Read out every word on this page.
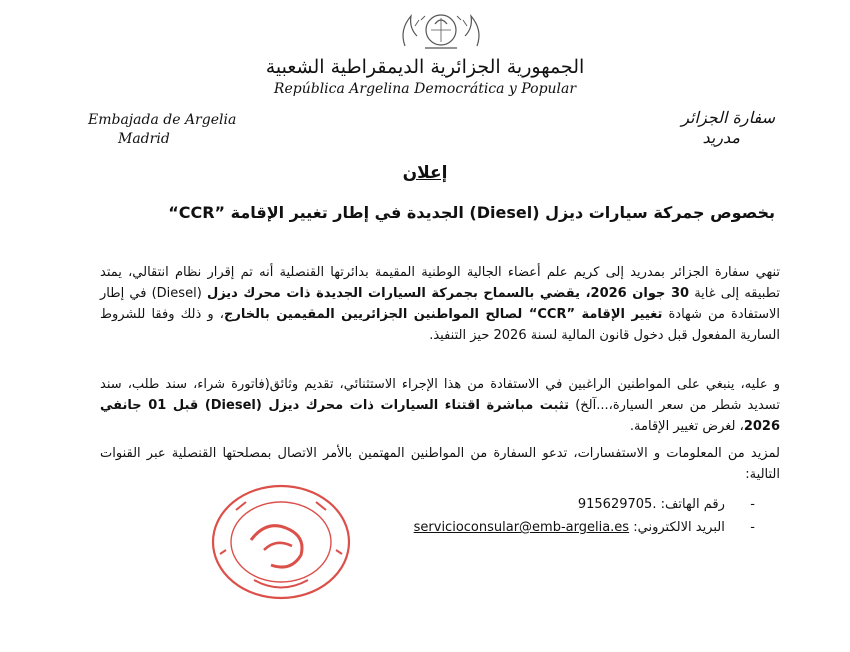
الجمهورية الجزائرية الديمقراطية الشعبية
República Argelina Democrática y Popular
Embajada de Argelia
Madrid
سفارة الجزائر
مدريد
إعلان
بخصوص جمركة سيارات ديزل (Diesel) الجديدة في إطار تغيير الإقامة ”CCR“
تنهي سفارة الجزائر بمدريد إلى كريم علم أعضاء الجالية الوطنية المقيمة بدائرتها القنصلية أنه تم إقرار نظام انتقالي، يمتد تطبيقه إلى غاية 30 جوان 2026، يقضي بالسماح بجمركة السيارات الجديدة ذات محرك ديزل (Diesel) في إطار الاستفادة من شهادة تغيير الإقامة ”CCR“ لصالح المواطنين الجزائريين المقيمين بالخارج، و ذلك وفقا للشروط السارية المفعول قبل دخول قانون المالية لسنة 2026 حيز التنفيذ.
و عليه، ينبغي على المواطنين الراغبين في الاستفادة من هذا الإجراء الاستثنائي، تقديم وثائق(فاتورة شراء، سند طلب، سند تسديد شطر من سعر السيارة،...آلخ) تثبت مباشرة اقتناء السيارات ذات محرك ديزل (Diesel) قبل 01 جانفي 2026، لغرض تغيير الإقامة.
لمزيد من المعلومات و الاستفسارات، تدعو السفارة من المواطنين المهتمين بالأمر الاتصال بمصلحتها القنصلية عبر القنوات التالية:
- رقم الهاتف: .915629705
- البريد الالكتروني: servicioconsular@emb-argelia.es
